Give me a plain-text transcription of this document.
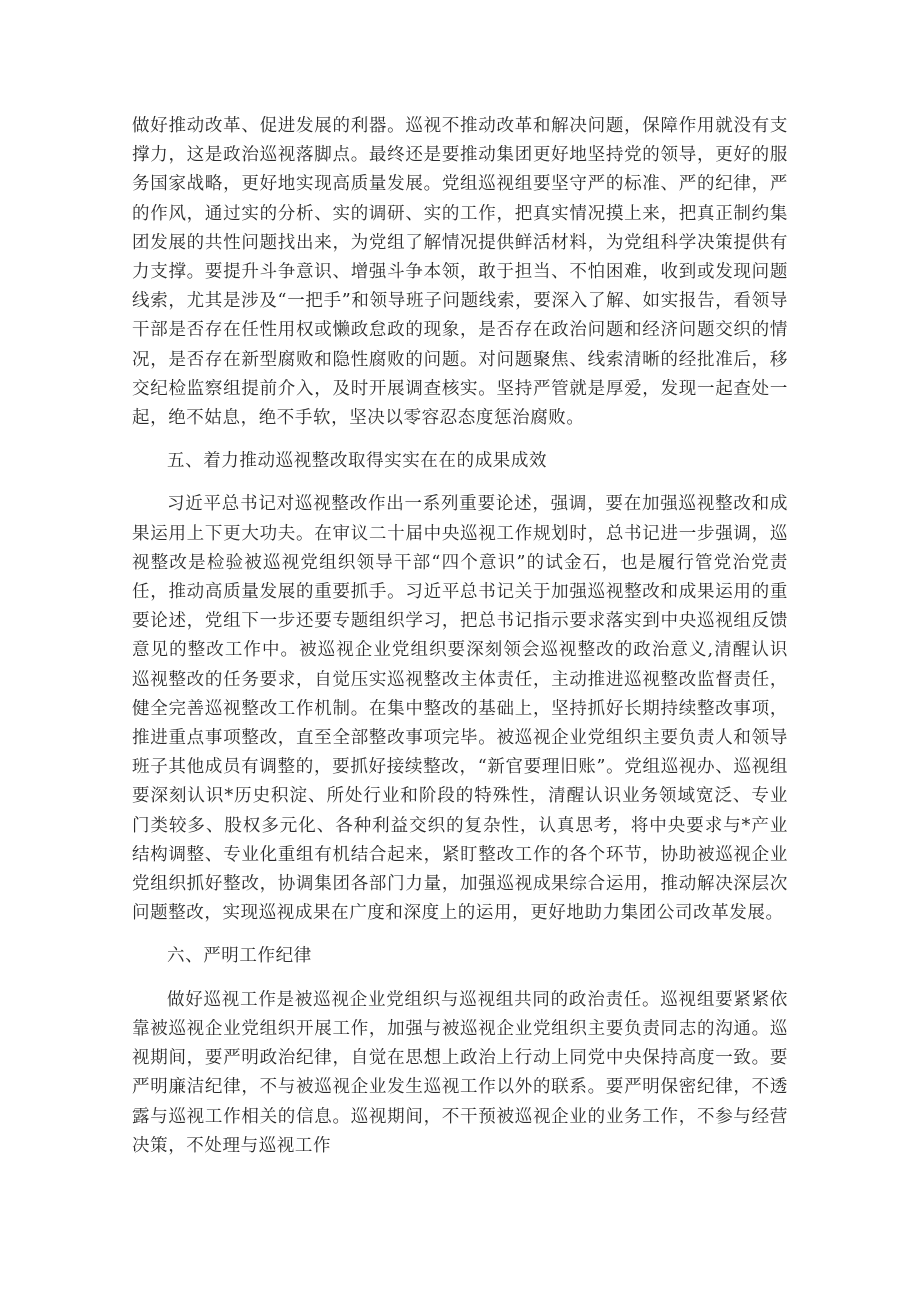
做好推动改革、促进发展的利器。巡视不推动改革和解决问题，保障作用就没有支撑力，这是政治巡视落脚点。最终还是要推动集团更好地坚持党的领导，更好的服务国家战略，更好地实现高质量发展。党组巡视组要坚守严的标准、严的纪律，严的作风，通过实的分析、实的调研、实的工作，把真实情况摸上来，把真正制约集团发展的共性问题找出来，为党组了解情况提供鲜活材料，为党组科学决策提供有力支撑。要提升斗争意识、增强斗争本领，敢于担当、不怕困难，收到或发现问题线索，尤其是涉及“一把手”和领导班子问题线索，要深入了解、如实报告，看领导干部是否存在任性用权或懒政怠政的现象，是否存在政治问题和经济问题交织的情况，是否存在新型腐败和隐性腐败的问题。对问题聚焦、线索清晰的经批准后，移交纪检监察组提前介入，及时开展调查核实。坚持严管就是厚爱，发现一起查处一起，绝不姑息，绝不手软，坚决以零容忍态度惩治腐败。

五、着力推动巡视整改取得实实在在的成果成效

习近平总书记对巡视整改作出一系列重要论述，强调，要在加强巡视整改和成果运用上下更大功夫。在审议二十届中央巡视工作规划时，总书记进一步强调，巡视整改是检验被巡视党组织领导干部“四个意识”的试金石，也是履行管党治党责任，推动高质量发展的重要抓手。习近平总书记关于加强巡视整改和成果运用的重要论述，党组下一步还要专题组织学习，把总书记指示要求落实到中央巡视组反馈意见的整改工作中。被巡视企业党组织要深刻领会巡视整改的政治意义,清醒认识巡视整改的任务要求，自觉压实巡视整改主体责任，主动推进巡视整改监督责任，健全完善巡视整改工作机制。在集中整改的基础上，坚持抓好长期持续整改事项，推进重点事项整改，直至全部整改事项完毕。被巡视企业党组织主要负责人和领导班子其他成员有调整的，要抓好接续整改，“新官要理旧账”。党组巡视办、巡视组要深刻认识*历史积淀、所处行业和阶段的特殊性，清醒认识业务领域宽泛、专业门类较多、股权多元化、各种利益交织的复杂性，认真思考，将中央要求与*产业结构调整、专业化重组有机结合起来，紧盯整改工作的各个环节，协助被巡视企业党组织抓好整改，协调集团各部门力量，加强巡视成果综合运用，推动解决深层次问题整改，实现巡视成果在广度和深度上的运用，更好地助力集团公司改革发展。

六、严明工作纪律

做好巡视工作是被巡视企业党组织与巡视组共同的政治责任。巡视组要紧紧依靠被巡视企业党组织开展工作，加强与被巡视企业党组织主要负责同志的沟通。巡视期间，要严明政治纪律，自觉在思想上政治上行动上同党中央保持高度一致。要严明廉洁纪律，不与被巡视企业发生巡视工作以外的联系。要严明保密纪律，不透露与巡视工作相关的信息。巡视期间，不干预被巡视企业的业务工作，不参与经营决策，不处理与巡视工作
